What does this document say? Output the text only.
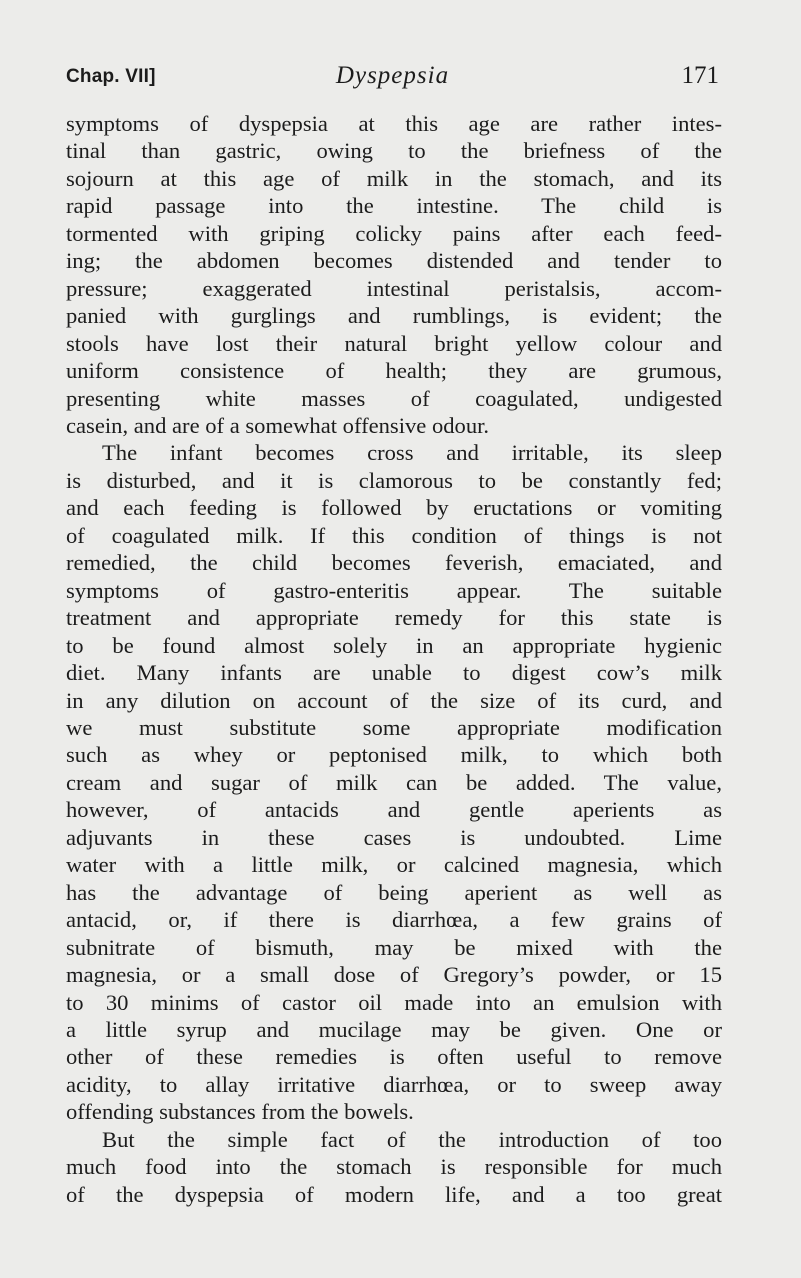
Chap. VII]	Dyspepsia	171
symptoms of dyspepsia at this age are rather intes-
tinal than gastric, owing to the briefness of the
sojourn at this age of milk in the stomach, and its
rapid passage into the intestine. The child is
tormented with griping colicky pains after each feed-
ing; the abdomen becomes distended and tender to
pressure; exaggerated intestinal peristalsis, accom-
panied with gurglings and rumblings, is evident; the
stools have lost their natural bright yellow colour and
uniform consistence of health; they are grumous,
presenting white masses of coagulated, undigested
casein, and are of a somewhat offensive odour.
The infant becomes cross and irritable, its sleep
is disturbed, and it is clamorous to be constantly fed;
and each feeding is followed by eructations or vomiting
of coagulated milk. If this condition of things is not
remedied, the child becomes feverish, emaciated, and
symptoms of gastro-enteritis appear. The suitable
treatment and appropriate remedy for this state is
to be found almost solely in an appropriate hygienic
diet. Many infants are unable to digest cow’s milk
in any dilution on account of the size of its curd, and
we must substitute some appropriate modification
such as whey or peptonised milk, to which both
cream and sugar of milk can be added. The value,
however, of antacids and gentle aperients as
adjuvants in these cases is undoubted. Lime
water with a little milk, or calcined magnesia, which
has the advantage of being aperient as well as
antacid, or, if there is diarrhœa, a few grains of
subnitrate of bismuth, may be mixed with the
magnesia, or a small dose of Gregory’s powder, or 15
to 30 minims of castor oil made into an emulsion with
a little syrup and mucilage may be given. One or
other of these remedies is often useful to remove
acidity, to allay irritative diarrhœa, or to sweep away
offending substances from the bowels.
But the simple fact of the introduction of too
much food into the stomach is responsible for much
of the dyspepsia of modern life, and a too great
